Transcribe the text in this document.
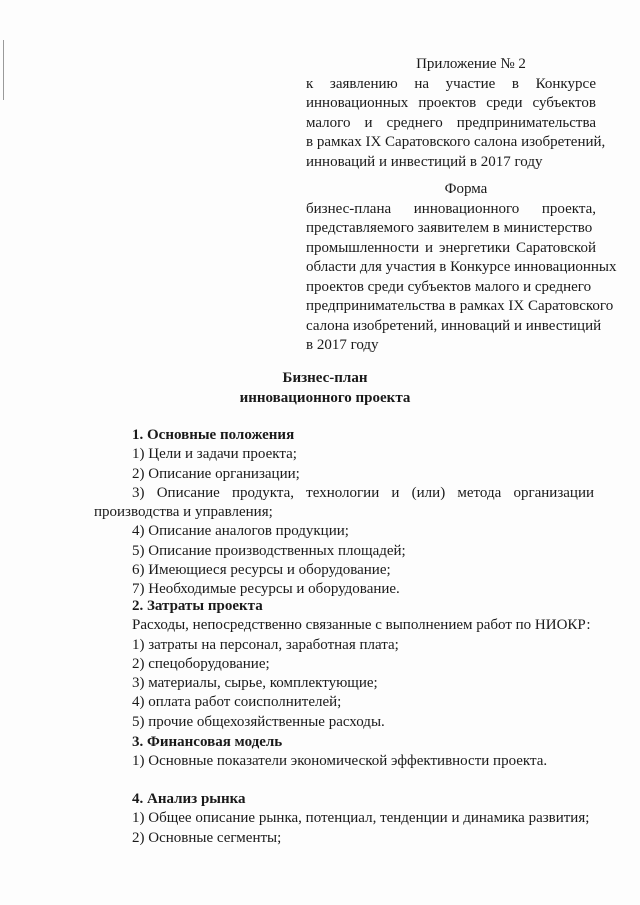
Приложение № 2
к заявлению на участие в Конкурсе
инновационных проектов среди субъектов
малого и среднего предпринимательства
в рамках IX Саратовского салона изобретений,
инноваций и инвестиций в 2017 году
Форма
бизнес-плана инновационного проекта,
представляемого заявителем в министерство
промышленности и энергетики Саратовской
области для участия в Конкурсе инновационных
проектов среди субъектов малого и среднего
предпринимательства в рамках IX Саратовского
салона изобретений, инноваций и инвестиций
в 2017 году
Бизнес-план
инновационного проекта
1. Основные положения
1) Цели и задачи проекта;
2) Описание организации;
3) Описание продукта, технологии и (или) метода организации
производства и управления;
4) Описание аналогов продукции;
5) Описание производственных площадей;
6) Имеющиеся ресурсы и оборудование;
7) Необходимые ресурсы и оборудование.
2. Затраты проекта
Расходы, непосредственно связанные с выполнением работ по НИОКР:
1) затраты на персонал, заработная плата;
2) спецоборудование;
3) материалы, сырье, комплектующие;
4) оплата работ соисполнителей;
5) прочие общехозяйственные расходы.
3. Финансовая модель
1) Основные показатели экономической эффективности проекта.
4. Анализ рынка
1) Общее описание рынка, потенциал, тенденции и динамика развития;
2) Основные сегменты;
